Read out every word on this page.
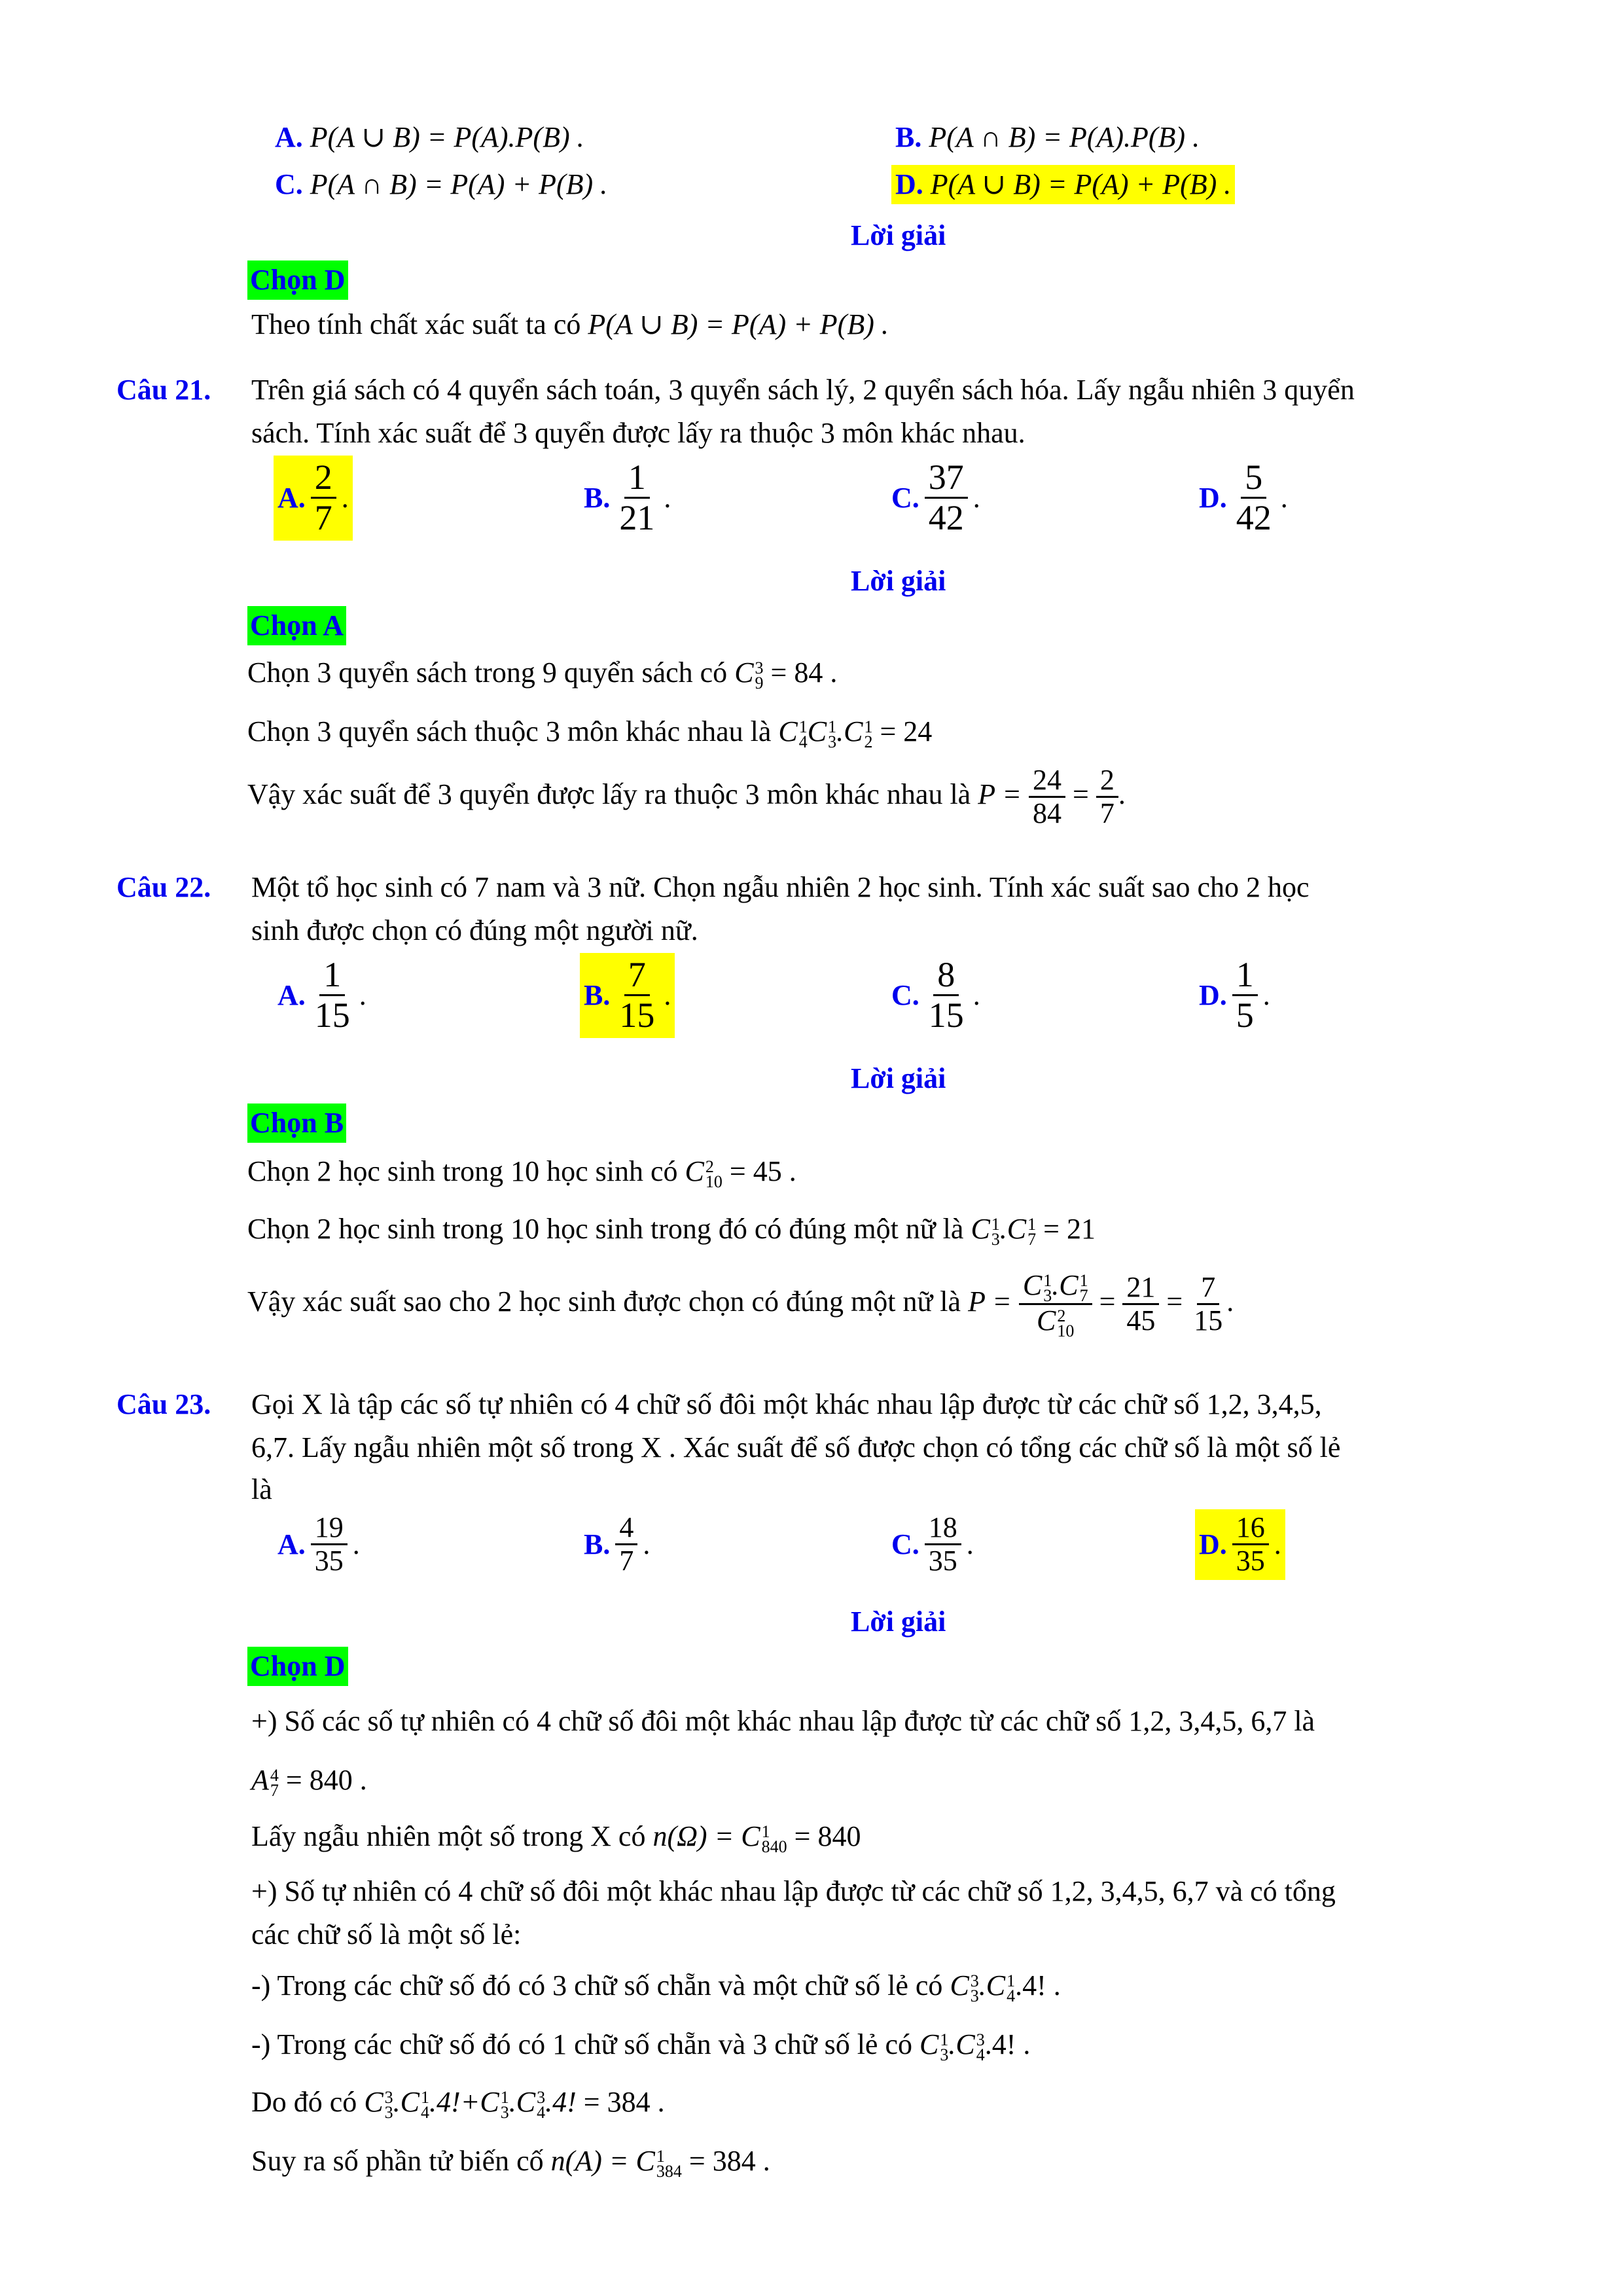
A. P(A ∪ B) = P(A).P(B) .	B. P(A ∩ B) = P(A).P(B) .
C. P(A ∩ B) = P(A) + P(B) .	D. P(A ∪ B) = P(A) + P(B) .
Lời giải
Chọn D
Theo tính chất xác suất ta có P(A ∪ B) = P(A) + P(B) .
Câu 21. Trên giá sách có 4 quyển sách toán, 3 quyển sách lý, 2 quyển sách hóa. Lấy ngẫu nhiên 3 quyển
sách. Tính xác suất để 3 quyển được lấy ra thuộc 3 môn khác nhau.
A. $\frac{2}{7}$ .	B. $\frac{1}{21}$ .	C. $\frac{37}{42}$ .	D. $\frac{5}{42}$ .
Lời giải
Chọn A
Chọn 3 quyển sách trong 9 quyển sách có C 3
9 = 84 .
Chọn 3 quyển sách thuộc 3 môn khác nhau là C 1
4 C 1
3 .C 1
2 = 24
Vậy xác suất để 3 quyển được lấy ra thuộc 3 môn khác nhau là $P = \frac{24}{84} = \frac{2}{7}$ .
Câu 22. Một tổ học sinh có 7 nam và 3 nữ. Chọn ngẫu nhiên 2 học sinh. Tính xác suất sao cho 2 học
sinh được chọn có đúng một người nữ.
A. $\frac{1}{15}$ .	B. $\frac{7}{15}$ .	C. $\frac{8}{15}$ .	D. $\frac{1}{5}$ .
Lời giải
Chọn B
Chọn 2 học sinh trong 10 học sinh có C 2
10 = 45 .
Chọn 2 học sinh trong 10 học sinh trong đó có đúng một nữ là C 1
3 .C 1
7 = 21
Vậy xác suất sao cho 2 học sinh được chọn có đúng một nữ là P = C 1
3 .C 1
7
C 2
$10 = \frac{21}{45} = \frac{7}{15}$ .
Câu 23. Gọi X là tập các số tự nhiên có 4 chữ số đôi một khác nhau lập được từ các chữ số 1,2, 3,4,5,
6,7. Lấy ngẫu nhiên một số trong X . Xác suất để số được chọn có tổng các chữ số là một số lẻ
là
A. $\frac{19}{35}$ .	B. $\frac{4}{7}$ .	C. $\frac{18}{35}$ .	D. $\frac{16}{35}$ .
Lời giải
Chọn D
+) Số các số tự nhiên có 4 chữ số đôi một khác nhau lập được từ các chữ số 1,2, 3,4,5, 6,7 là
A 4
7 = 840 .
Lấy ngẫu nhiên một số trong X có n(Ω) = C 1
840 = 840
+) Số tự nhiên có 4 chữ số đôi một khác nhau lập được từ các chữ số 1,2, 3,4,5, 6,7 và có tổng
các chữ số là một số lẻ:
-) Trong các chữ số đó có 3 chữ số chẵn và một chữ số lẻ có C 3
3 .C 1
4 .4! .
-) Trong các chữ số đó có 1 chữ số chẵn và 3 chữ số lẻ có C 1
3 .C 3
4 .4! .
Do đó có C 3
3 .C 1
4 .4!+C 1
3 .C 3
4 .4! = 384 .
Suy ra số phần tử biến cố n(A) = C 1
384 = 384 .
